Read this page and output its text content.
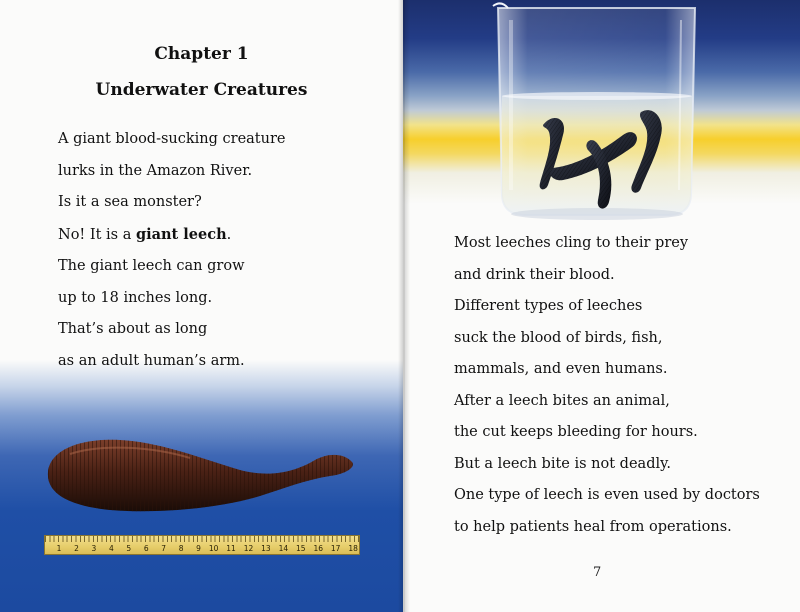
Chapter 1
Underwater Creatures

A giant blood-sucking creature

lurks in the Amazon River.

Is it a sea monster?

No! It is a giant leech.

The giant leech can grow

up to 18 inches long.

That’s about as long

as an adult human’s arm.

1	2	3	4	5	6	7	8	9	10	11	12	13	14	15	16	17	18

Most leeches cling to their prey

and drink their blood.

Different types of leeches

suck the blood of birds, fish,

mammals, and even humans.

After a leech bites an animal,

the cut keeps bleeding for hours.

But a leech bite is not deadly.

One type of leech is even used by doctors

to help patients heal from operations.

7
